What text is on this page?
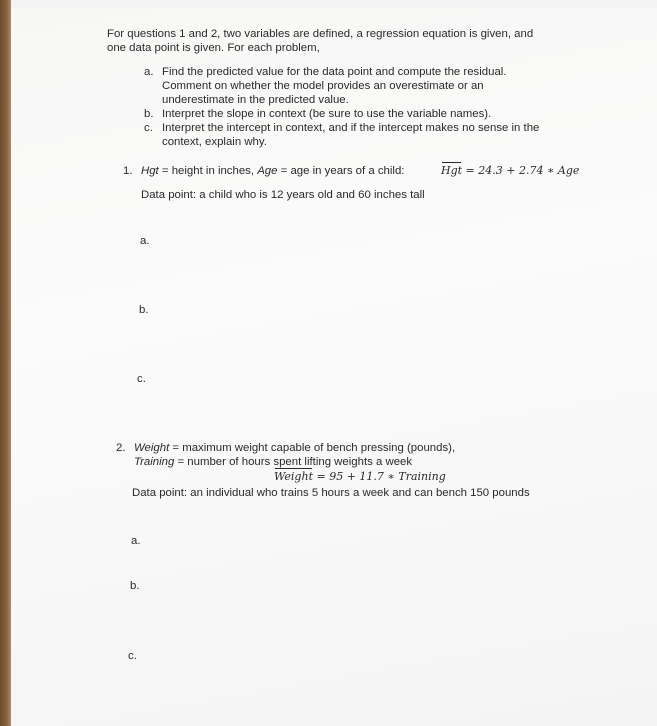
For questions 1 and 2, two variables are defined, a regression equation is given, and
one data point is given. For each problem,
a. Find the predicted value for the data point and compute the residual.
Comment on whether the model provides an overestimate or an
underestimate in the predicted value.
b. Interpret the slope in context (be sure to use the variable names).
c. Interpret the intercept in context, and if the intercept makes no sense in the
context, explain why.
1. Hgt = height in inches, Age = age in years of a child:	Hgt = 24.3 + 2.74 ∗ Age
Data point: a child who is 12 years old and 60 inches tall
a.
b.
c.
2. Weight = maximum weight capable of bench pressing (pounds),
Training = number of hours spent lifting weights a week
Weight = 95 + 11.7 ∗ Training
Data point: an individual who trains 5 hours a week and can bench 150 pounds
a.
b.
c.
